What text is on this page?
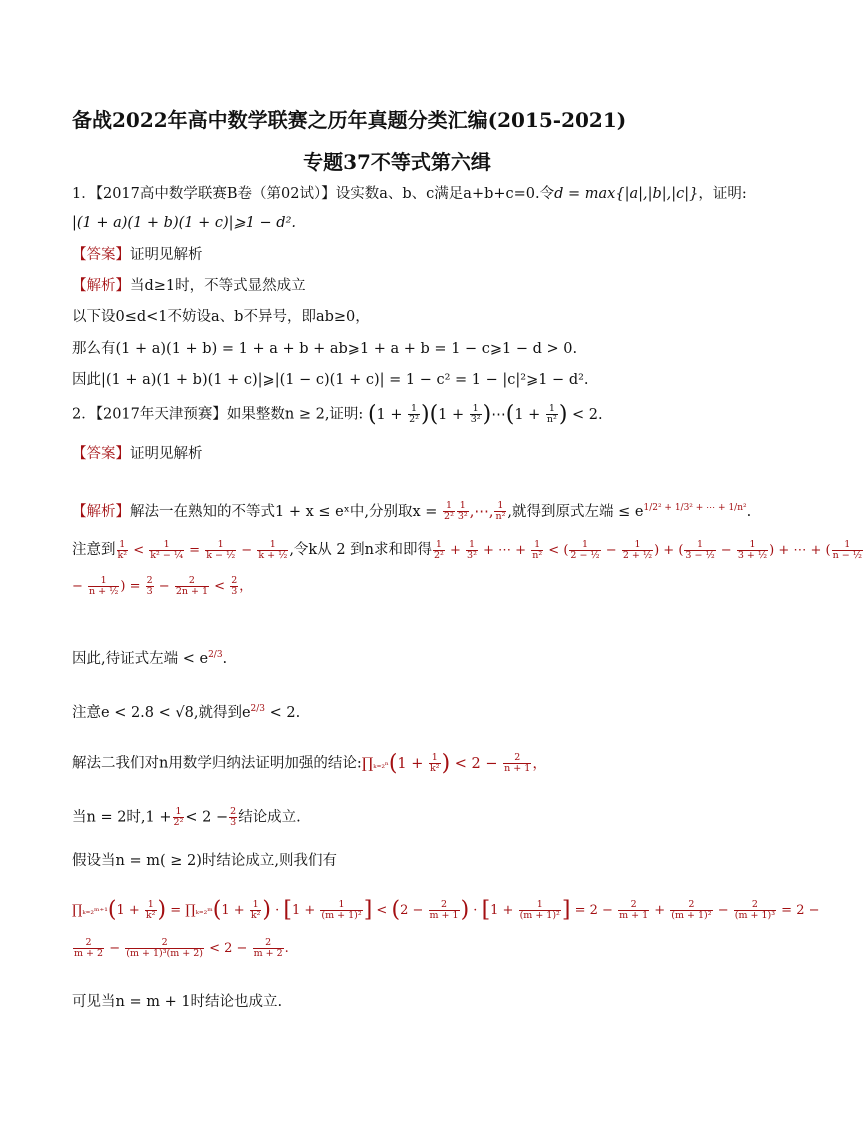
备战2022年高中数学联赛之历年真题分类汇编(2015-2021)
专题37不等式第六缉
1．【2017高中数学联赛B卷（第02试）】设实数a、b、c满足a+b+c=0.令d = max{|a|,|b|,|c|}，证明:
|(1 + a)(1 + b)(1 + c)|⩾1 − d².
【答案】证明见解析
【解析】当d≥1时，不等式显然成立
以下设0≤d<1不妨设a、b不异号，即ab≥0，
那么有(1 + a)(1 + b) = 1 + a + b + ab⩾1 + a + b = 1 − c⩾1 − d > 0.
因此|(1 + a)(1 + b)(1 + c)|⩾|(1 − c)(1 + c)| = 1 − c² = 1 − |c|²⩾1 − d².
2．【2017年天津预赛】如果整数n ≥ 2,证明: $(1 + \frac{1}{\text{2²}} )(1 + \frac{1}{\text{3²}}$ )⋯(1 + $\frac{1}{\text{n²}}$ ) < 2.
【答案】证明见解析
【解析】解法一在熟知的不等式1 + x ≤ eˣ中,分别取$x = \frac{1}{\text{2²}} \frac{1}{\text{3²}}$ ,⋯, $\frac{1}{\text{n²}}$ ,就得到原式左端 ≤ $e^{1/2^2 + 1/3^2 + \cdots + 1/n^2}$.
注意到 $\frac{1}{\text{k²}} < \frac{1}{\text{k² − ¼}} = \frac{1}{\text{k − ½}} - \frac{1}{\text{k + ½}}$ ,令k从 2 到n求和即得 $\frac{1}{\text{2²}} + \frac{1}{\text{3²}}$ + ⋯ + $\frac{1}{\text{n²}}$ < ( $\frac{1}{\text{2 − ½}} - \frac{1}{\text{2 + ½}}$ ) + ( $\frac{1}{\text{3 − ½}} - \frac{1}{\text{3 + ½}}$ ) + ⋯ + ( $\frac{1}{\text{n − ½}}$
− $\frac{1}{\text{n + ½}}$ ) = $\frac{2}{3} - \frac{2}{2n + 1} < \frac{2}{3}$ ，
因此,待证式左端 < $e^{2/3}$.
注意e < 2.8 < √8,就得到$e^{2/3} < 2$.
解法二我们对n用数学归纳法证明加强的结论:∏ₖ₌₂ⁿ(1 + $\frac{1}{\text{k²}}$ ) < $2 - \frac{2}{n + 1}$ ，
当n = 2时$,1 + \frac{1}{\text{2²}} < 2 - \frac{2}{3}$ 结论成立.
假设当n = m( ≥ 2)时结论成立,则我们有
∏ₖ₌₂ᵐ⁺¹(1 + $\frac{1}{\text{k²}}$ ) = ∏ₖ₌₂ᵐ(1 + $\frac{1}{\text{k²}}$ ) · [$1 + \frac{1}{\text{(m + 1)²}}$ ] < ($2 - \frac{2}{m + 1}$ ) · [$1 + \frac{1}{\text{(m + 1)²}}$ ] = $2 - \frac{2}{m + 1} + \frac{2}{\text{(m + 1)²}} - \frac{2}{\text{(m + 1)³}} = 2$ −
$\frac{2}{m + 2} - \frac{2}{\text{(m + 1)³(m + 2)}} < 2 - \frac{2}{m + 2}$ .
可见当n = m + 1时结论也成立.
